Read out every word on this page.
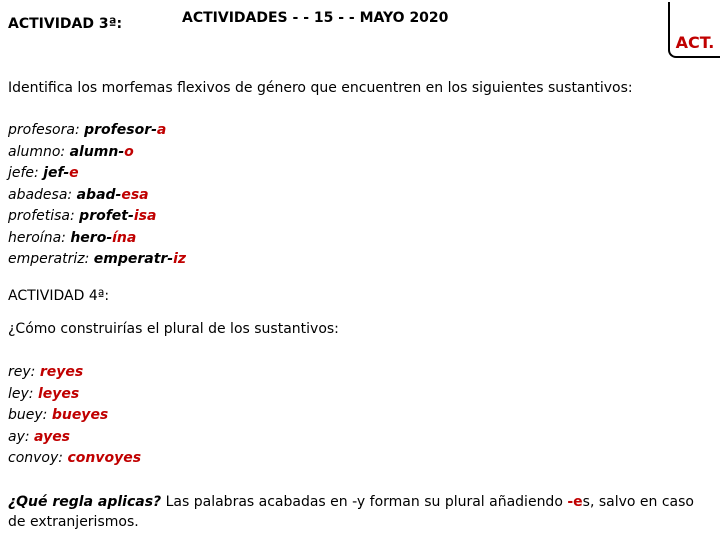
ACTIVIDAD 3ª:	ACTIVIDADES - - 15 - - MAYO 2020
ACT.
Identifica los morfemas flexivos de género que encuentren en los siguientes sustantivos:
profesora: profesor-a
alumno: alumn-o
jefe: jef-e
abadesa: abad-esa
profetisa: profet-isa
heroína: hero-ína
emperatriz: emperatr-iz
ACTIVIDAD 4ª:
¿Cómo construirías el plural de los sustantivos:
rey: reyes
ley: leyes
buey: bueyes
ay: ayes
convoy: convoyes
¿Qué regla aplicas? Las palabras acabadas en -y forman su plural añadiendo -es, salvo en caso de extranjerismos.
